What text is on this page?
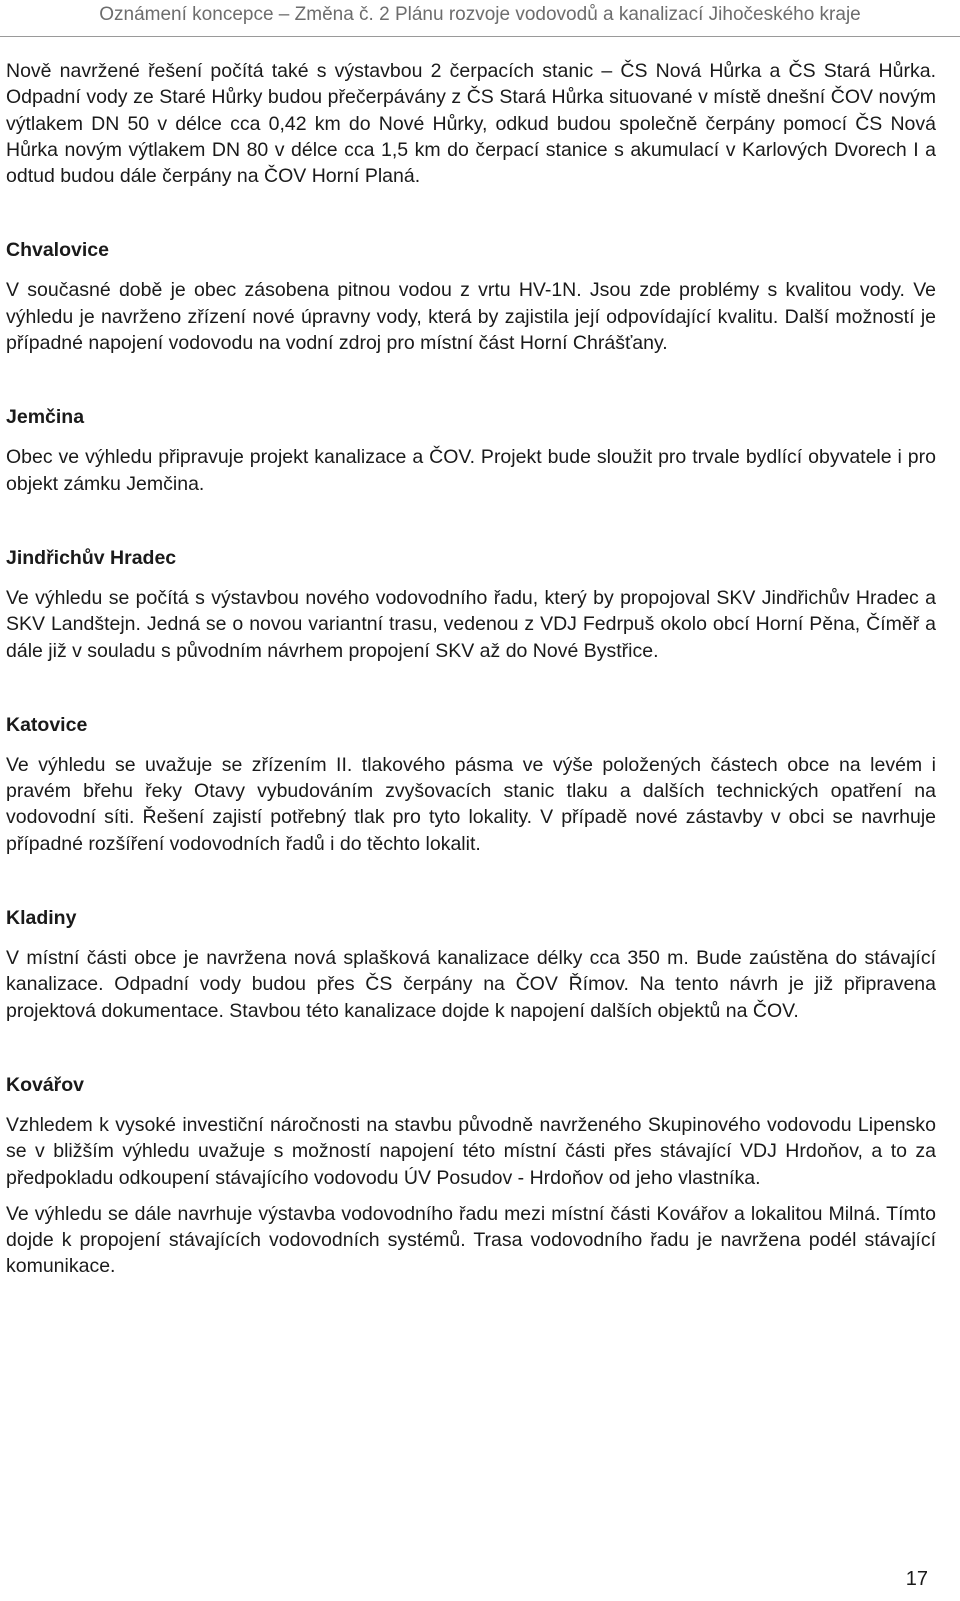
Oznámení koncepce – Změna č. 2 Plánu rozvoje vodovodů a kanalizací Jihočeského kraje

Nově navržené řešení počítá také s výstavbou 2 čerpacích stanic – ČS Nová Hůrka a ČS Stará Hůrka. Odpadní vody ze Staré Hůrky budou přečerpávány z ČS Stará Hůrka situované v místě dnešní ČOV novým výtlakem DN 50 v délce cca 0,42 km do Nové Hůrky, odkud budou společně čerpány pomocí ČS Nová Hůrka novým výtlakem DN 80 v délce cca 1,5 km do čerpací stanice s akumulací v Karlových Dvorech I a odtud budou dále čerpány na ČOV Horní Planá.

Chvalovice

V současné době je obec zásobena pitnou vodou z vrtu HV-1N. Jsou zde problémy s kvalitou vody. Ve výhledu je navrženo zřízení nové úpravny vody, která by zajistila její odpovídající kvalitu. Další možností je případné napojení vodovodu na vodní zdroj pro místní část Horní Chrášťany.

Jemčina

Obec ve výhledu připravuje projekt kanalizace a ČOV. Projekt bude sloužit pro trvale bydlící obyvatele i pro objekt zámku Jemčina.

Jindřichův Hradec

Ve výhledu se počítá s výstavbou nového vodovodního řadu, který by propojoval SKV Jindřichův Hradec a SKV Landštejn. Jedná se o novou variantní trasu, vedenou z VDJ Fedrpuš okolo obcí Horní Pěna, Číměř a dále již v souladu s původním návrhem propojení SKV až do Nové Bystřice.

Katovice

Ve výhledu se uvažuje se zřízením II. tlakového pásma ve výše položených částech obce na levém i pravém břehu řeky Otavy vybudováním zvyšovacích stanic tlaku a dalších technických opatření na vodovodní síti. Řešení zajistí potřebný tlak pro tyto lokality. V případě nové zástavby v obci se navrhuje případné rozšíření vodovodních řadů i do těchto lokalit.

Kladiny

V místní části obce je navržena nová splašková kanalizace délky cca 350 m. Bude zaústěna do stávající kanalizace. Odpadní vody budou přes ČS čerpány na ČOV Římov. Na tento návrh je již připravena projektová dokumentace. Stavbou této kanalizace dojde k napojení dalších objektů na ČOV.

Kovářov

Vzhledem k vysoké investiční náročnosti na stavbu původně navrženého Skupinového vodovodu Lipensko se v bližším výhledu uvažuje s možností napojení této místní části přes stávající VDJ Hrdoňov, a to za předpokladu odkoupení stávajícího vodovodu ÚV Posudov - Hrdoňov od jeho vlastníka.

Ve výhledu se dále navrhuje výstavba vodovodního řadu mezi místní části Kovářov a lokalitou Milná. Tímto dojde k propojení stávajících vodovodních systémů. Trasa vodovodního řadu je navržena podél stávající komunikace.

17
